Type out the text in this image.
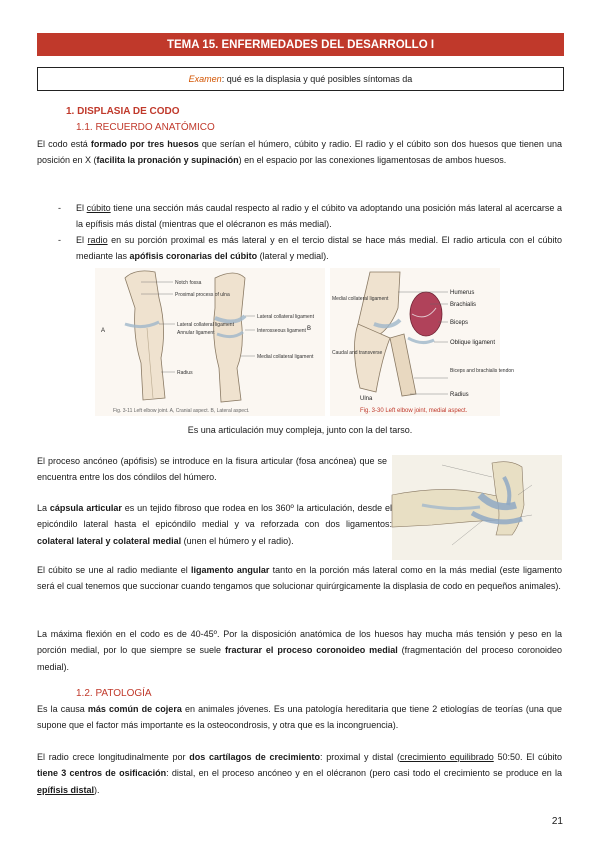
TEMA 15. ENFERMEDADES DEL DESARROLLO I
Examen : qué es la displasia y qué posibles síntomas da
1. DISPLASIA DE CODO
1.1. RECUERDO ANATÓMICO
El codo está formado por tres huesos que serían el húmero, cúbito y radio. El radio y el cúbito son dos huesos que tienen una posición en X (facilita la pronación y supinación) en el espacio por las conexiones ligamentosas de ambos huesos.
- El cúbito tiene una sección más caudal respecto al radio y el cúbito va adoptando una posición más lateral al acercarse a la epífisis más distal (mientras que el olécranon es más medial).
- El radio en su porción proximal es más lateral y en el tercio distal se hace más medial. El radio articula con el cúbito mediante las apófisis coronarias del cúbito (lateral y medial).
Notch fossa
Proximal process of ulna
Lateral collateral ligament
Annular ligament
Lateral collateral ligament
Interosseous ligament
Radius
Medial collateral ligament
A	B
Fig. 3-11 Left elbow joint. A, Cranial aspect. B, Lateral aspect.
Humerus
Brachialis
Biceps
Oblique ligament
Biceps and brachialis tendon
Radius
Ulna
Medial collateral ligament
Caudal and transverse
Fig. 3-30 Left elbow joint, medial aspect.
Es una articulación muy compleja, junto con la del tarso.
El proceso ancóneo (apófisis) se introduce en la fisura articular (fosa ancónea) que se encuentra entre los dos cóndilos del húmero.
La cápsula articular es un tejido fibroso que rodea en los 360º la articulación, desde el epicóndilo lateral hasta el epicóndilo medial y va reforzada con dos ligamentos: colateral lateral y colateral medial (unen el húmero y el radio).
El cúbito se une al radio mediante el ligamento angular tanto en la porción más lateral como en la más medial (este ligamento será el cual tenemos que succionar cuando tengamos que solucionar quirúrgicamente la displasia de codo en pequeños animales).
La máxima flexión en el codo es de 40-45º. Por la disposición anatómica de los huesos hay mucha más tensión y peso en la porción medial, por lo que siempre se suele fracturar el proceso coronoideo medial (fragmentación del proceso coronoideo medial).
1.2. PATOLOGÍA
Es la causa más común de cojera en animales jóvenes. Es una patología hereditaria que tiene 2 etiologías de teorías (una que supone que el factor más importante es la osteocondrosis, y otra que es la incongruencia).
El radio crece longitudinalmente por dos cartílagos de crecimiento: proximal y distal (crecimiento equilibrado 50:50. El cúbito tiene 3 centros de osificación: distal, en el proceso ancóneo y en el olécranon (pero casi todo el crecimiento se produce en la epífisis distal).
21
